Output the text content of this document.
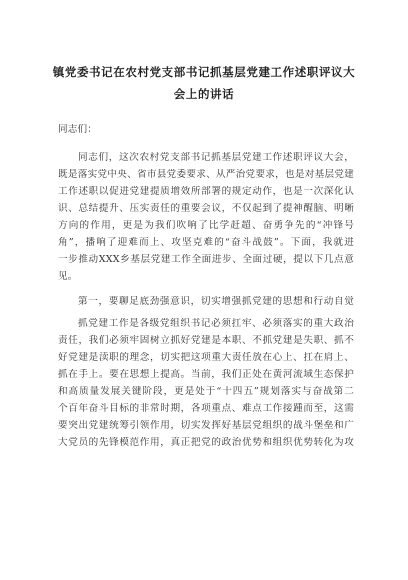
镇党委书记在农村党支部书记抓基层党建工作述职评议大
会上的讲话
同志们：
同志们，这次农村党支部书记抓基层党建工作述职评议大会，
既是落实党中央、省市县党委要求、从严治党要求，也是对基层党建
工作述职以促进党建提质增效所部署的规定动作，也是一次深化认
识、总结提升、压实责任的重要会议，不仅起到了提神醒脑、明晰
方向的作用，更是为我们吹响了比学赶超、奋勇争先的“冲锋号
角”，播响了迎难而上、攻坚克难的“奋斗战鼓”。下面，我就进
一步推动XXX乡基层党建工作全面进步、全面过硬，提以下几点意
见。
第一，要聊足底劲强意识，切实增强抓党建的思想和行动自觉
抓党建工作是各级党组织书记必须扛牢、必须落实的重大政治
责任，我们必须牢固树立抓好党建是本职、不抓党建是失职、抓不
好党建是渎职的理念，切实把这项重大责任放在心上、扛在肩上、
抓在手上。要在思想上提高。当前，我们正处在黄河流域生态保护
和高质量发展关键阶段，更是处于“十四五”规划落实与奋战第二
个百年奋斗目标的非常时期，各项重点、难点工作接踵而至，这需
要突出党建统筹引领作用，切实发挥好基层党组织的战斗堡垒和广
大党员的先锋模范作用，真正把党的政治优势和组织优势转化为攻
